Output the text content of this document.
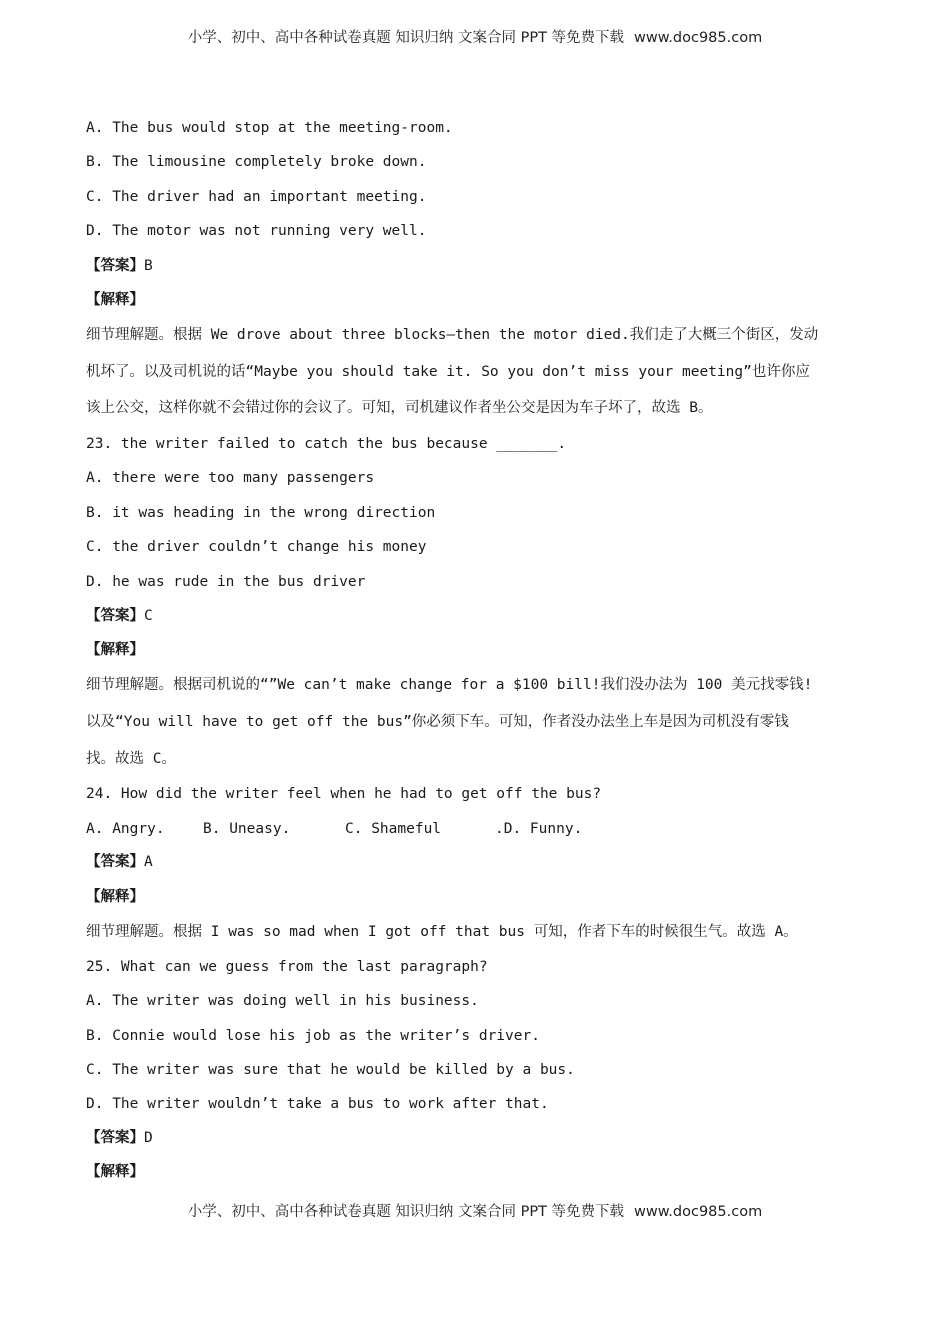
小学、初中、高中各种试卷真题 知识归纳 文案合同 PPT 等免费下载 www.doc985.com

A. The bus would stop at the meeting-room.

B. The limousine completely broke down.

C. The driver had an important meeting.

D. The motor was not running very well.

【答案】B

【解释】

细节理解题。根据 We drove about three blocks—then the motor died.我们走了大概三个街区，发动

机坏了。以及司机说的话“Maybe you should take it. So you don’t miss your meeting”也许你应

该上公交，这样你就不会错过你的会议了。可知，司机建议作者坐公交是因为车子坏了，故选 B。

23. the writer failed to catch the bus because _______.

A. there were too many passengers

B. it was heading in the wrong direction

C. the driver couldn’t change his money

D. he was rude in the bus driver

【答案】C

【解释】

细节理解题。根据司机说的“”We can’t make change for a $100 bill!我们没办法为 100 美元找零钱!

以及“You will have to get off the bus”你必须下车。可知，作者没办法坐上车是因为司机没有零钱

找。故选 C。

24. How did the writer feel when he had to get off the bus?

A. Angry.	B. Uneasy.	C. Shameful	.D. Funny.

【答案】A

【解释】

细节理解题。根据 I was so mad when I got off that bus 可知，作者下车的时候很生气。故选 A。

25. What can we guess from the last paragraph?

A. The writer was doing well in his business.

B. Connie would lose his job as the writer’s driver.

C. The writer was sure that he would be killed by a bus.

D. The writer wouldn’t take a bus to work after that.

【答案】D

【解释】

小学、初中、高中各种试卷真题 知识归纳 文案合同 PPT 等免费下载 www.doc985.com
